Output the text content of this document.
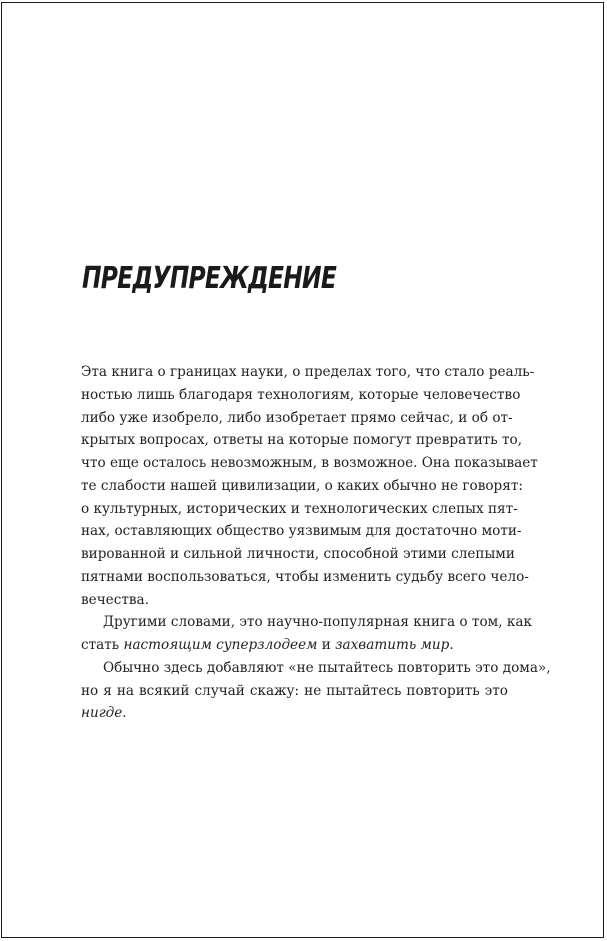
ПРЕДУПРЕЖДЕНИЕ
Эта книга о границах науки, о пределах того, что стало реаль-
ностью лишь благодаря технологиям, которые человечество
либо уже изобрело, либо изобретает прямо сейчас, и об от-
крытых вопросах, ответы на которые помогут превратить то,
что еще осталось невозможным, в возможное. Она показывает
те слабости нашей цивилизации, о каких обычно не говорят:
о культурных, исторических и технологических слепых пят-
нах, оставляющих общество уязвимым для достаточно моти-
вированной и сильной личности, способной этими слепыми
пятнами воспользоваться, чтобы изменить судьбу всего чело-
вечества.
Другими словами, это научно-популярная книга о том, как
стать настоящим суперзлодеем и захватить мир.
Обычно здесь добавляют «не пытайтесь повторить это дома»,
но я на всякий случай скажу: не пытайтесь повторить это
нигде.
